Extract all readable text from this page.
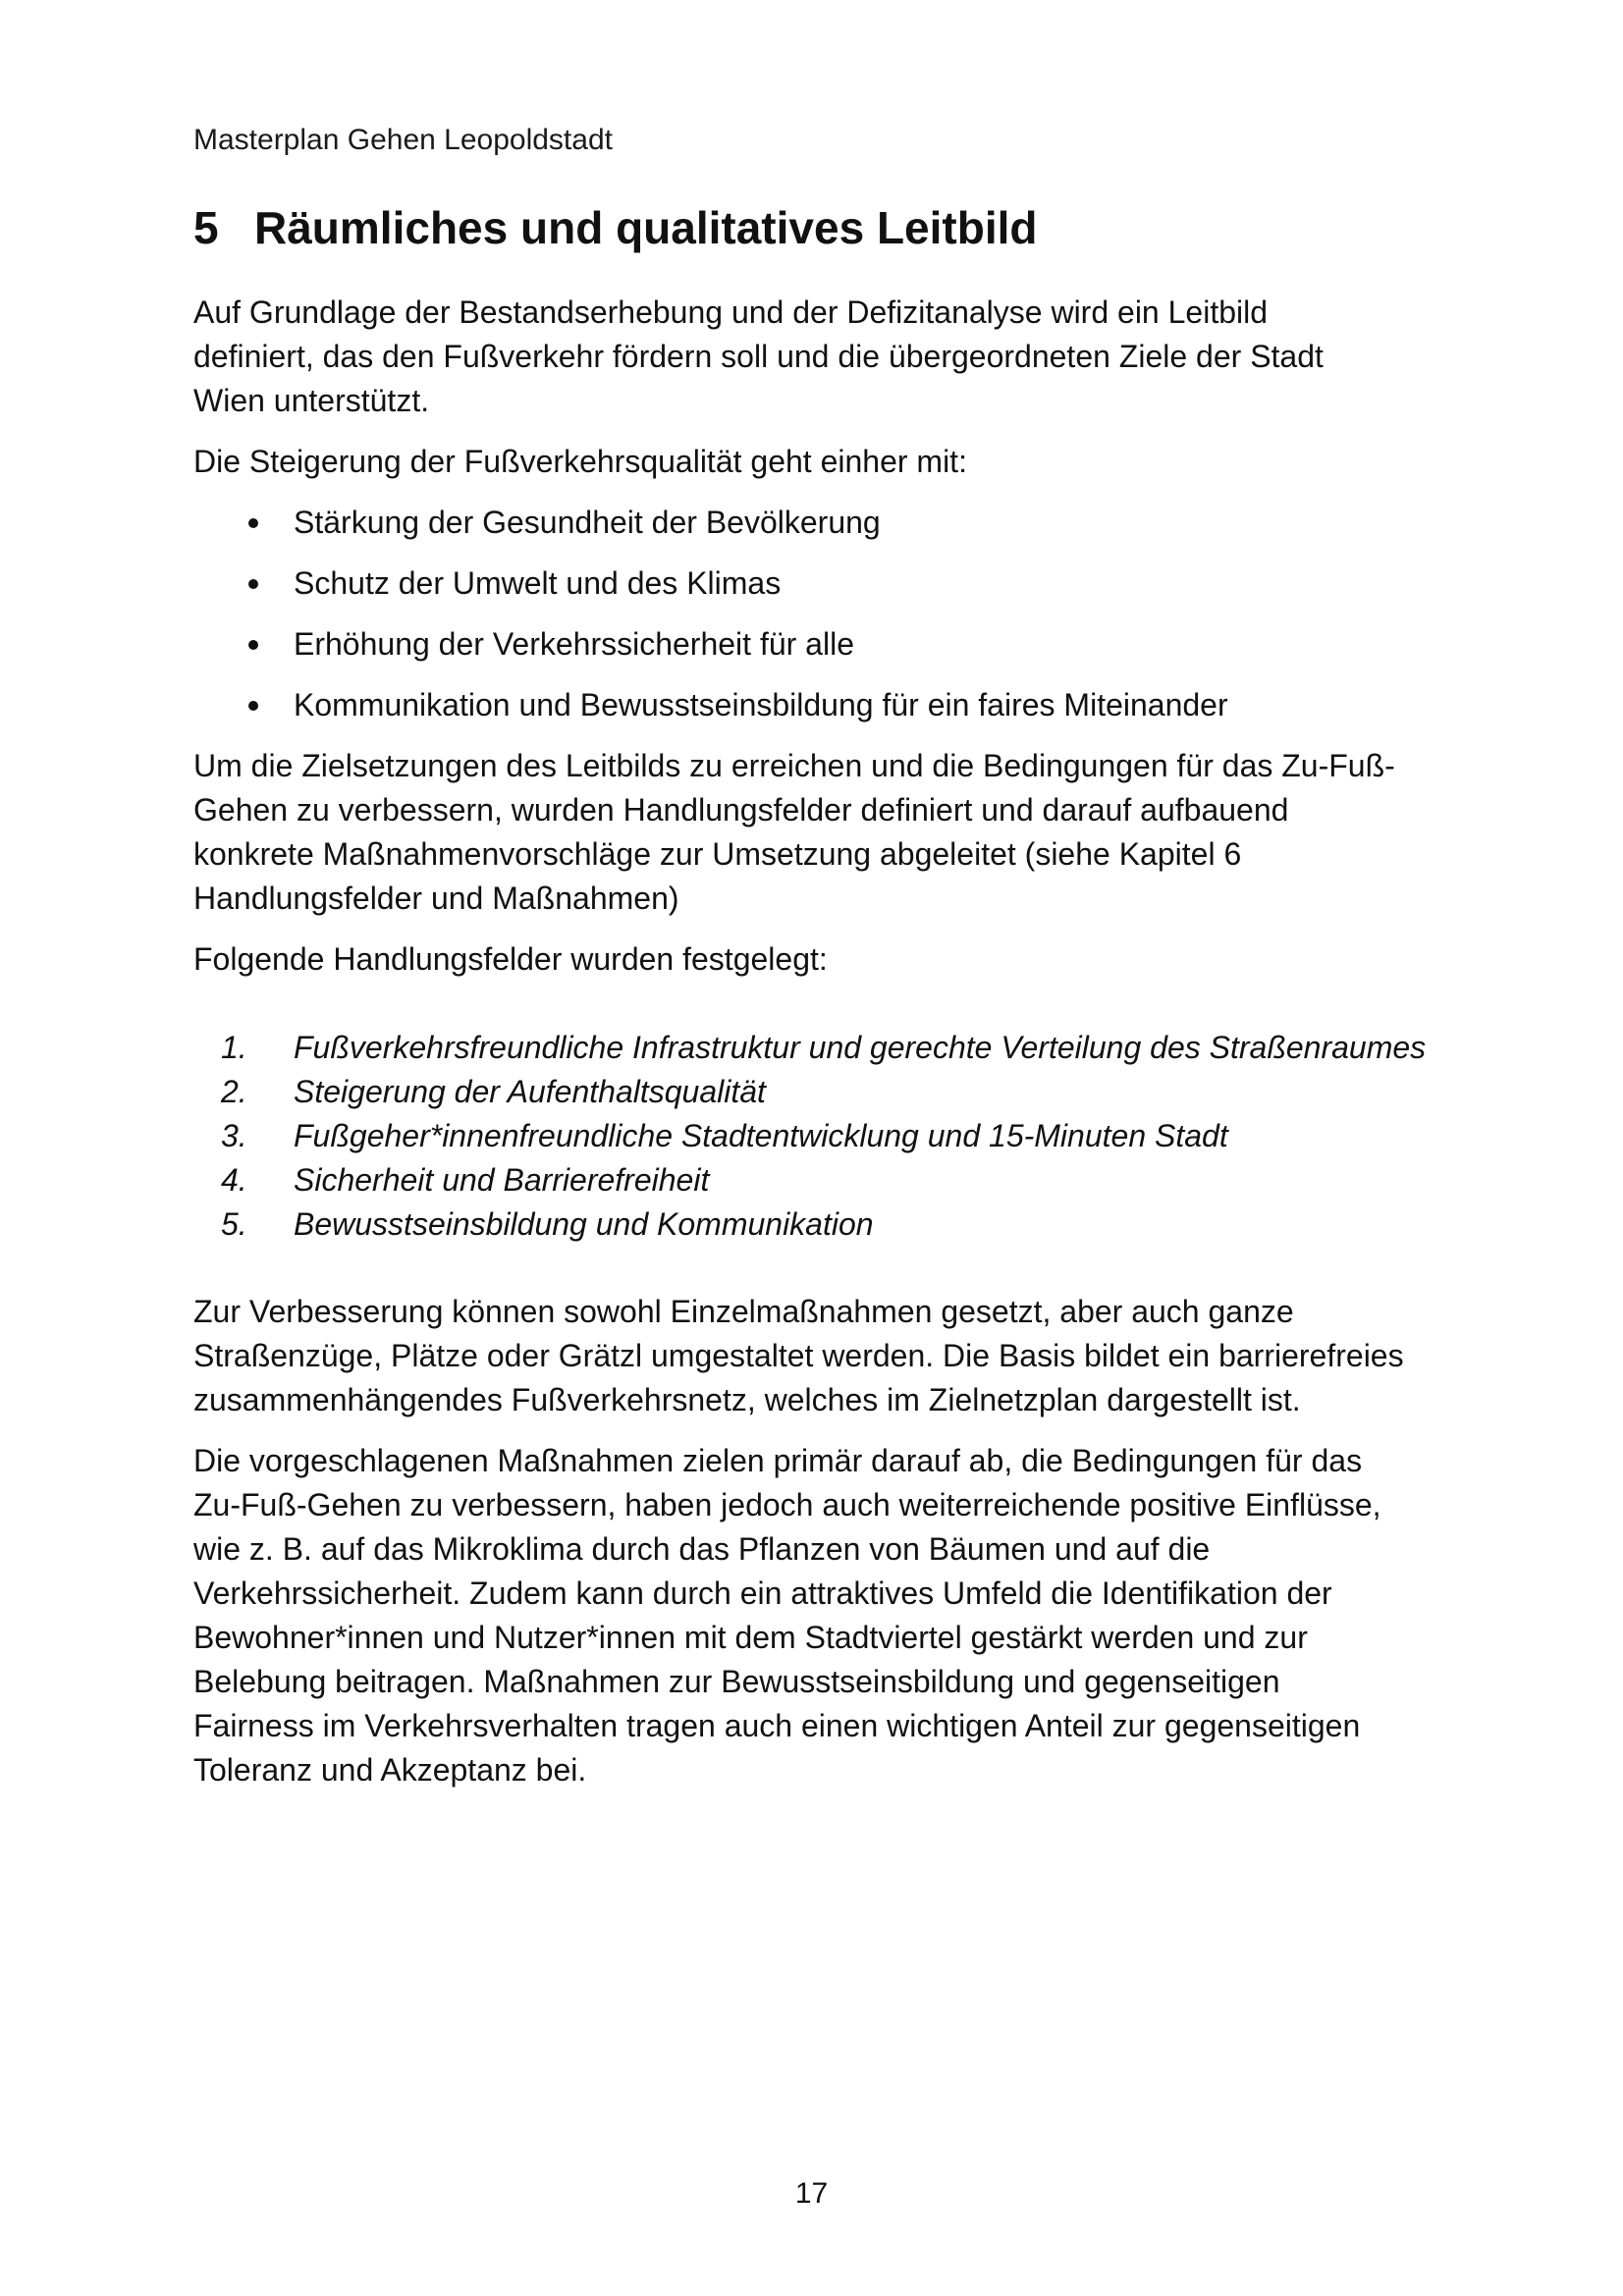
Masterplan Gehen Leopoldstadt
5 Räumliches und qualitatives Leitbild

Auf Grundlage der Bestandserhebung und der Defizitanalyse wird ein Leitbild
definiert, das den Fußverkehr fördern soll und die übergeordneten Ziele der Stadt
Wien unterstützt.

Die Steigerung der Fußverkehrsqualität geht einher mit:

Stärkung der Gesundheit der Bevölkerung
Schutz der Umwelt und des Klimas
Erhöhung der Verkehrssicherheit für alle
Kommunikation und Bewusstseinsbildung für ein faires Miteinander

Um die Zielsetzungen des Leitbilds zu erreichen und die Bedingungen für das Zu-Fuß-
Gehen zu verbessern, wurden Handlungsfelder definiert und darauf aufbauend
konkrete Maßnahmenvorschläge zur Umsetzung abgeleitet (siehe Kapitel 6
Handlungsfelder und Maßnahmen)

Folgende Handlungsfelder wurden festgelegt:

1. Fußverkehrsfreundliche Infrastruktur und gerechte Verteilung des Straßenraumes
2. Steigerung der Aufenthaltsqualität
3. Fußgeher*innenfreundliche Stadtentwicklung und 15-Minuten Stadt
4. Sicherheit und Barrierefreiheit
5. Bewusstseinsbildung und Kommunikation

Zur Verbesserung können sowohl Einzelmaßnahmen gesetzt, aber auch ganze
Straßenzüge, Plätze oder Grätzl umgestaltet werden. Die Basis bildet ein barrierefreies
zusammenhängendes Fußverkehrsnetz, welches im Zielnetzplan dargestellt ist.

Die vorgeschlagenen Maßnahmen zielen primär darauf ab, die Bedingungen für das
Zu-Fuß-Gehen zu verbessern, haben jedoch auch weiterreichende positive Einflüsse,
wie z. B. auf das Mikroklima durch das Pflanzen von Bäumen und auf die
Verkehrssicherheit. Zudem kann durch ein attraktives Umfeld die Identifikation der
Bewohner*innen und Nutzer*innen mit dem Stadtviertel gestärkt werden und zur
Belebung beitragen. Maßnahmen zur Bewusstseinsbildung und gegenseitigen
Fairness im Verkehrsverhalten tragen auch einen wichtigen Anteil zur gegenseitigen
Toleranz und Akzeptanz bei.

17
